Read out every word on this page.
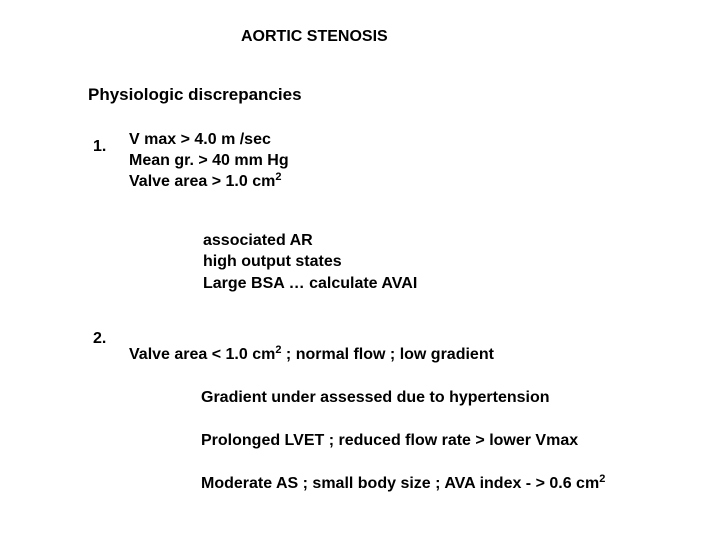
AORTIC STENOSIS
Physiologic discrepancies
1. V max > 4.0 m /sec
Mean gr. > 40 mm Hg
Valve area > 1.0 $cm^2$
associated AR
high output states
Large BSA … calculate AVAI
2.
Valve area < 1.0 $cm^2$ ; normal flow ; low gradient
Gradient under assessed due to hypertension
Prolonged LVET ; reduced flow rate > lower Vmax
Moderate AS ; small body size ; AVA index - > 0.6 $cm^2$
